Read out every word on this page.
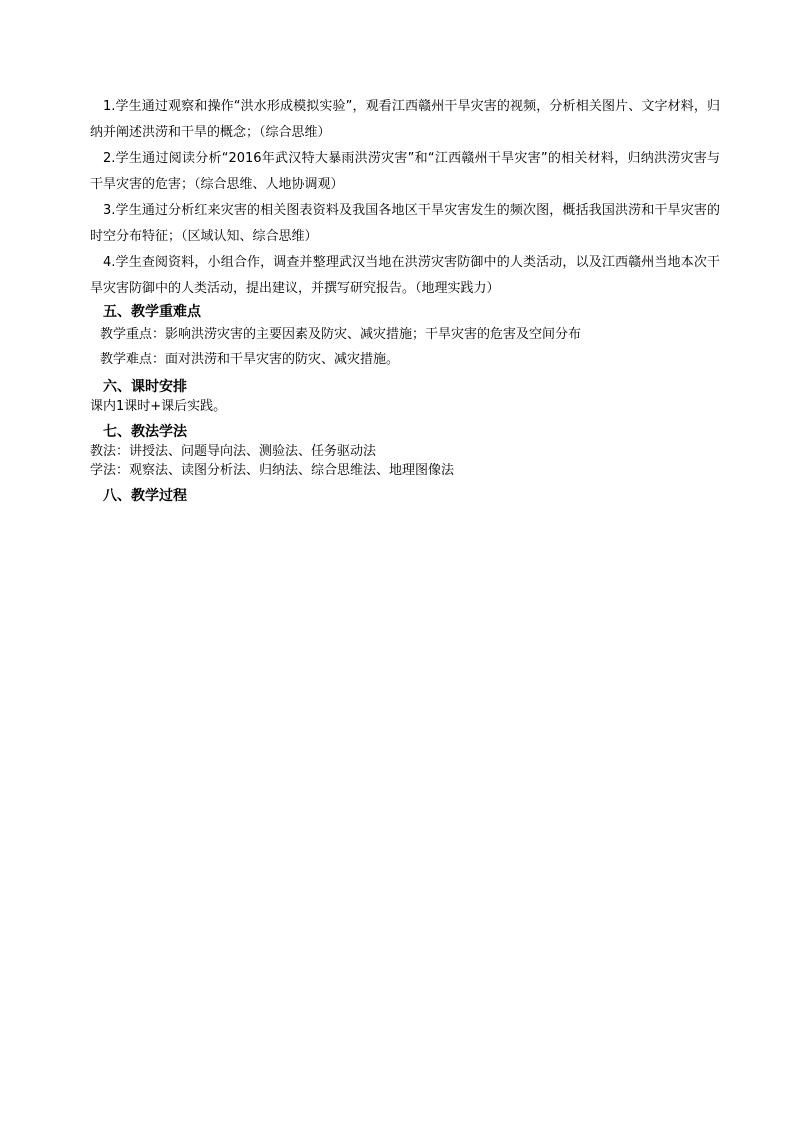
1.学生通过观察和操作“洪水形成模拟实验”，观看江西赣州干旱灾害的视频，分析相关图片、文字材料，归纳并阐述洪涝和干旱的概念；（综合思维）

2.学生通过阅读分析“2016年武汉特大暴雨洪涝灾害”和“江西赣州干旱灾害”的相关材料，归纳洪涝灾害与干旱灾害的危害；（综合思维、人地协调观）

3.学生通过分析红来灾害的相关图表资料及我国各地区干旱灾害发生的频次图，概括我国洪涝和干旱灾害的时空分布特征；（区域认知、综合思维）

4.学生查阅资料，小组合作，调查并整理武汉当地在洪涝灾害防御中的人类活动，以及江西赣州当地本次干旱灾害防御中的人类活动，提出建议，并撰写研究报告。（地理实践力）

五、教学重难点
教学重点：影响洪涝灾害的主要因素及防灾、减灾措施；干旱灾害的危害及空间分布
教学难点：面对洪涝和干旱灾害的防灾、减灾措施。
六、课时安排
课内1课时+课后实践。
七、教法学法
教法：讲授法、问题导向法、测验法、任务驱动法
学法：观察法、读图分析法、归纳法、综合思维法、地理图像法
八、教学过程
